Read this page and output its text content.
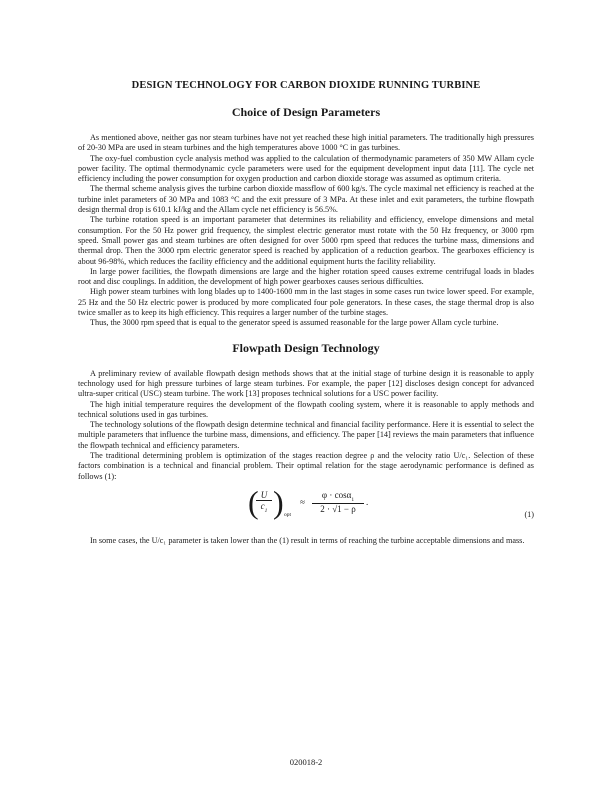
DESIGN TECHNOLOGY FOR CARBON DIOXIDE RUNNING TURBINE
Choice of Design Parameters

As mentioned above, neither gas nor steam turbines have not yet reached these high initial parameters. The traditionally high pressures of 20-30 MPa are used in steam turbines and the high temperatures above 1000 °C in gas turbines.

The oxy-fuel combustion cycle analysis method was applied to the calculation of thermodynamic parameters of 350 MW Allam cycle power facility. The optimal thermodynamic cycle parameters were used for the equipment development input data [11]. The cycle net efficiency including the power consumption for oxygen production and carbon dioxide storage was assumed as optimum criteria.

The thermal scheme analysis gives the turbine carbon dioxide massflow of 600 kg/s. The cycle maximal net efficiency is reached at the turbine inlet parameters of 30 MPa and 1083 °C and the exit pressure of 3 MPa. At these inlet and exit parameters, the turbine flowpath design thermal drop is 610.1 kJ/kg and the Allam cycle net efficiency is 56.5%.

The turbine rotation speed is an important parameter that determines its reliability and efficiency, envelope dimensions and metal consumption. For the 50 Hz power grid frequency, the simplest electric generator must rotate with the 50 Hz frequency, or 3000 rpm speed. Small power gas and steam turbines are often designed for over 5000 rpm speed that reduces the turbine mass, dimensions and thermal drop. Then the 3000 rpm electric generator speed is reached by application of a reduction gearbox. The gearboxes efficiency is about 96-98%, which reduces the facility efficiency and the additional equipment hurts the facility reliability.

In large power facilities, the flowpath dimensions are large and the higher rotation speed causes extreme centrifugal loads in blades root and disc couplings. In addition, the development of high power gearboxes causes serious difficulties.

High power steam turbines with long blades up to 1400-1600 mm in the last stages in some cases run twice lower speed. For example, 25 Hz and the 50 Hz electric power is produced by more complicated four pole generators. In these cases, the stage thermal drop is also twice smaller as to keep its high efficiency. This requires a larger number of the turbine stages.

Thus, the 3000 rpm speed that is equal to the generator speed is assumed reasonable for the large power Allam cycle turbine.

Flowpath Design Technology

A preliminary review of available flowpath design methods shows that at the initial stage of turbine design it is reasonable to apply technology used for high pressure turbines of large steam turbines. For example, the paper [12] discloses design concept for advanced ultra-super critical (USC) steam turbine. The work [13] proposes technical solutions for a USC power facility.

The high initial temperature requires the development of the flowpath cooling system, where it is reasonable to apply methods and technical solutions used in gas turbines.

The technology solutions of the flowpath design determine technical and financial facility performance. Here it is essential to select the multiple parameters that influence the turbine mass, dimensions, and efficiency. The paper [14] reviews the main parameters that influence the flowpath technical and efficiency parameters.

The traditional determining problem is optimization of the stages reaction degree ρ and the velocity ratio U/c₁. Selection of these factors combination is a technical and financial problem. Their optimal relation for the stage aerodynamic performance is defined as follows (1):

(
$\frac{U}{c_1}$ ) opt
≈ $\frac{\varphi \cdot \cos\alpha_1}{2 \cdot √1 - \rho}$ .
(1)

In some cases, the U/c₁ parameter is taken lower than the (1) result in terms of reaching the turbine acceptable dimensions and mass.

020018-2
